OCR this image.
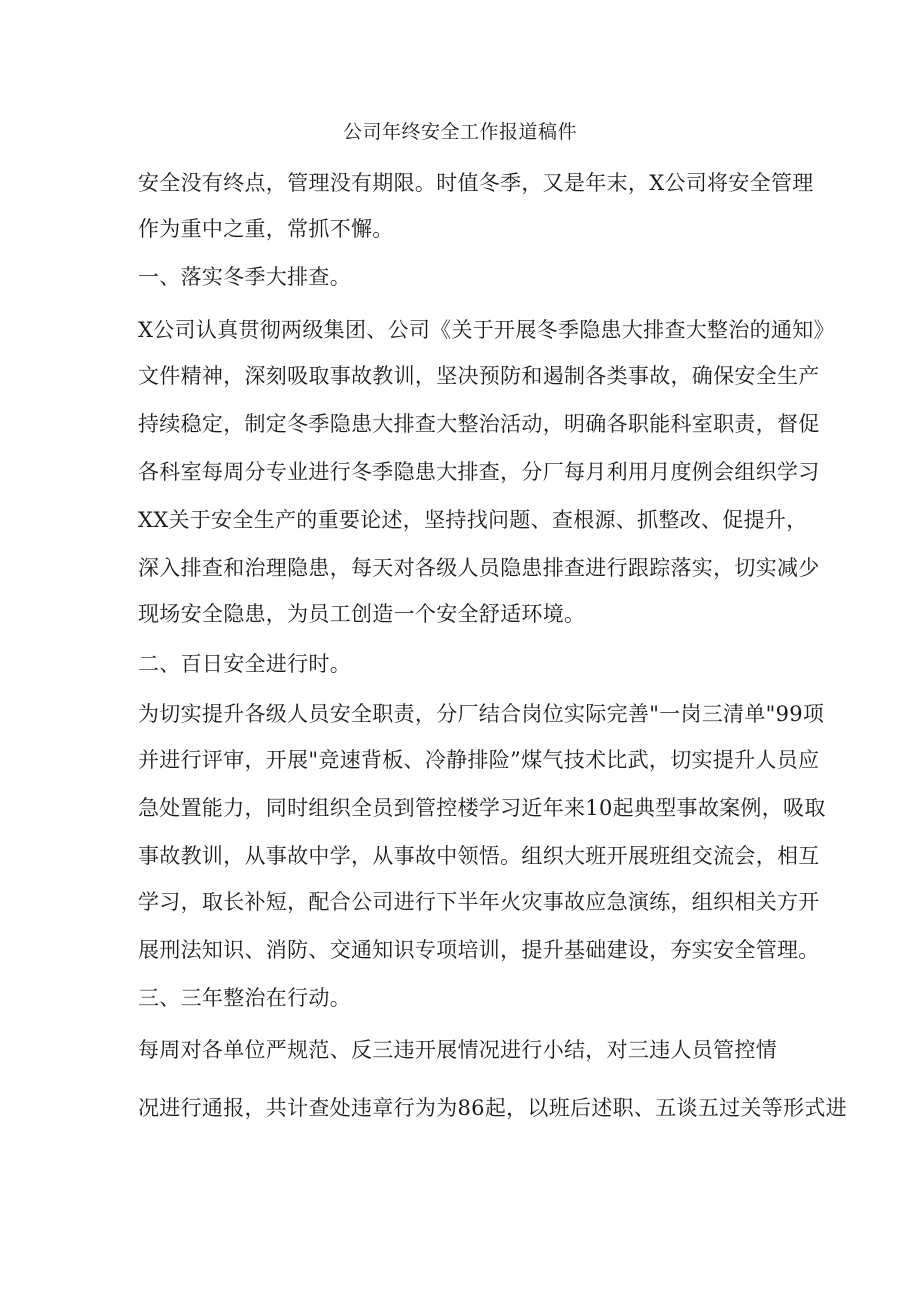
公司年终安全工作报道稿件
安全没有终点，管理没有期限。时值冬季，又是年末，X公司将安全管理
作为重中之重，常抓不懈。
一、落实冬季大排查。
X公司认真贯彻两级集团、公司《关于开展冬季隐患大排查大整治的通知》
文件精神，深刻吸取事故教训，坚决预防和遏制各类事故，确保安全生产
持续稳定，制定冬季隐患大排查大整治活动，明确各职能科室职责，督促
各科室每周分专业进行冬季隐患大排查，分厂每月利用月度例会组织学习
XX关于安全生产的重要论述，坚持找问题、查根源、抓整改、促提升，
深入排查和治理隐患，每天对各级人员隐患排查进行跟踪落实，切实减少
现场安全隐患，为员工创造一个安全舒适环境。
二、百日安全进行时。
为切实提升各级人员安全职责，分厂结合岗位实际完善"一岗三清单"99项
并进行评审，开展"竞速背板、冷静排险”煤气技术比武，切实提升人员应
急处置能力，同时组织全员到管控楼学习近年来10起典型事故案例，吸取
事故教训，从事故中学，从事故中领悟。组织大班开展班组交流会，相互
学习，取长补短，配合公司进行下半年火灾事故应急演练，组织相关方开
展刑法知识、消防、交通知识专项培训，提升基础建设，夯实安全管理。
三、三年整治在行动。
每周对各单位严规范、反三违开展情况进行小结，对三违人员管控情
况进行通报，共计查处违章行为为86起，以班后述职、五谈五过关等形式进
